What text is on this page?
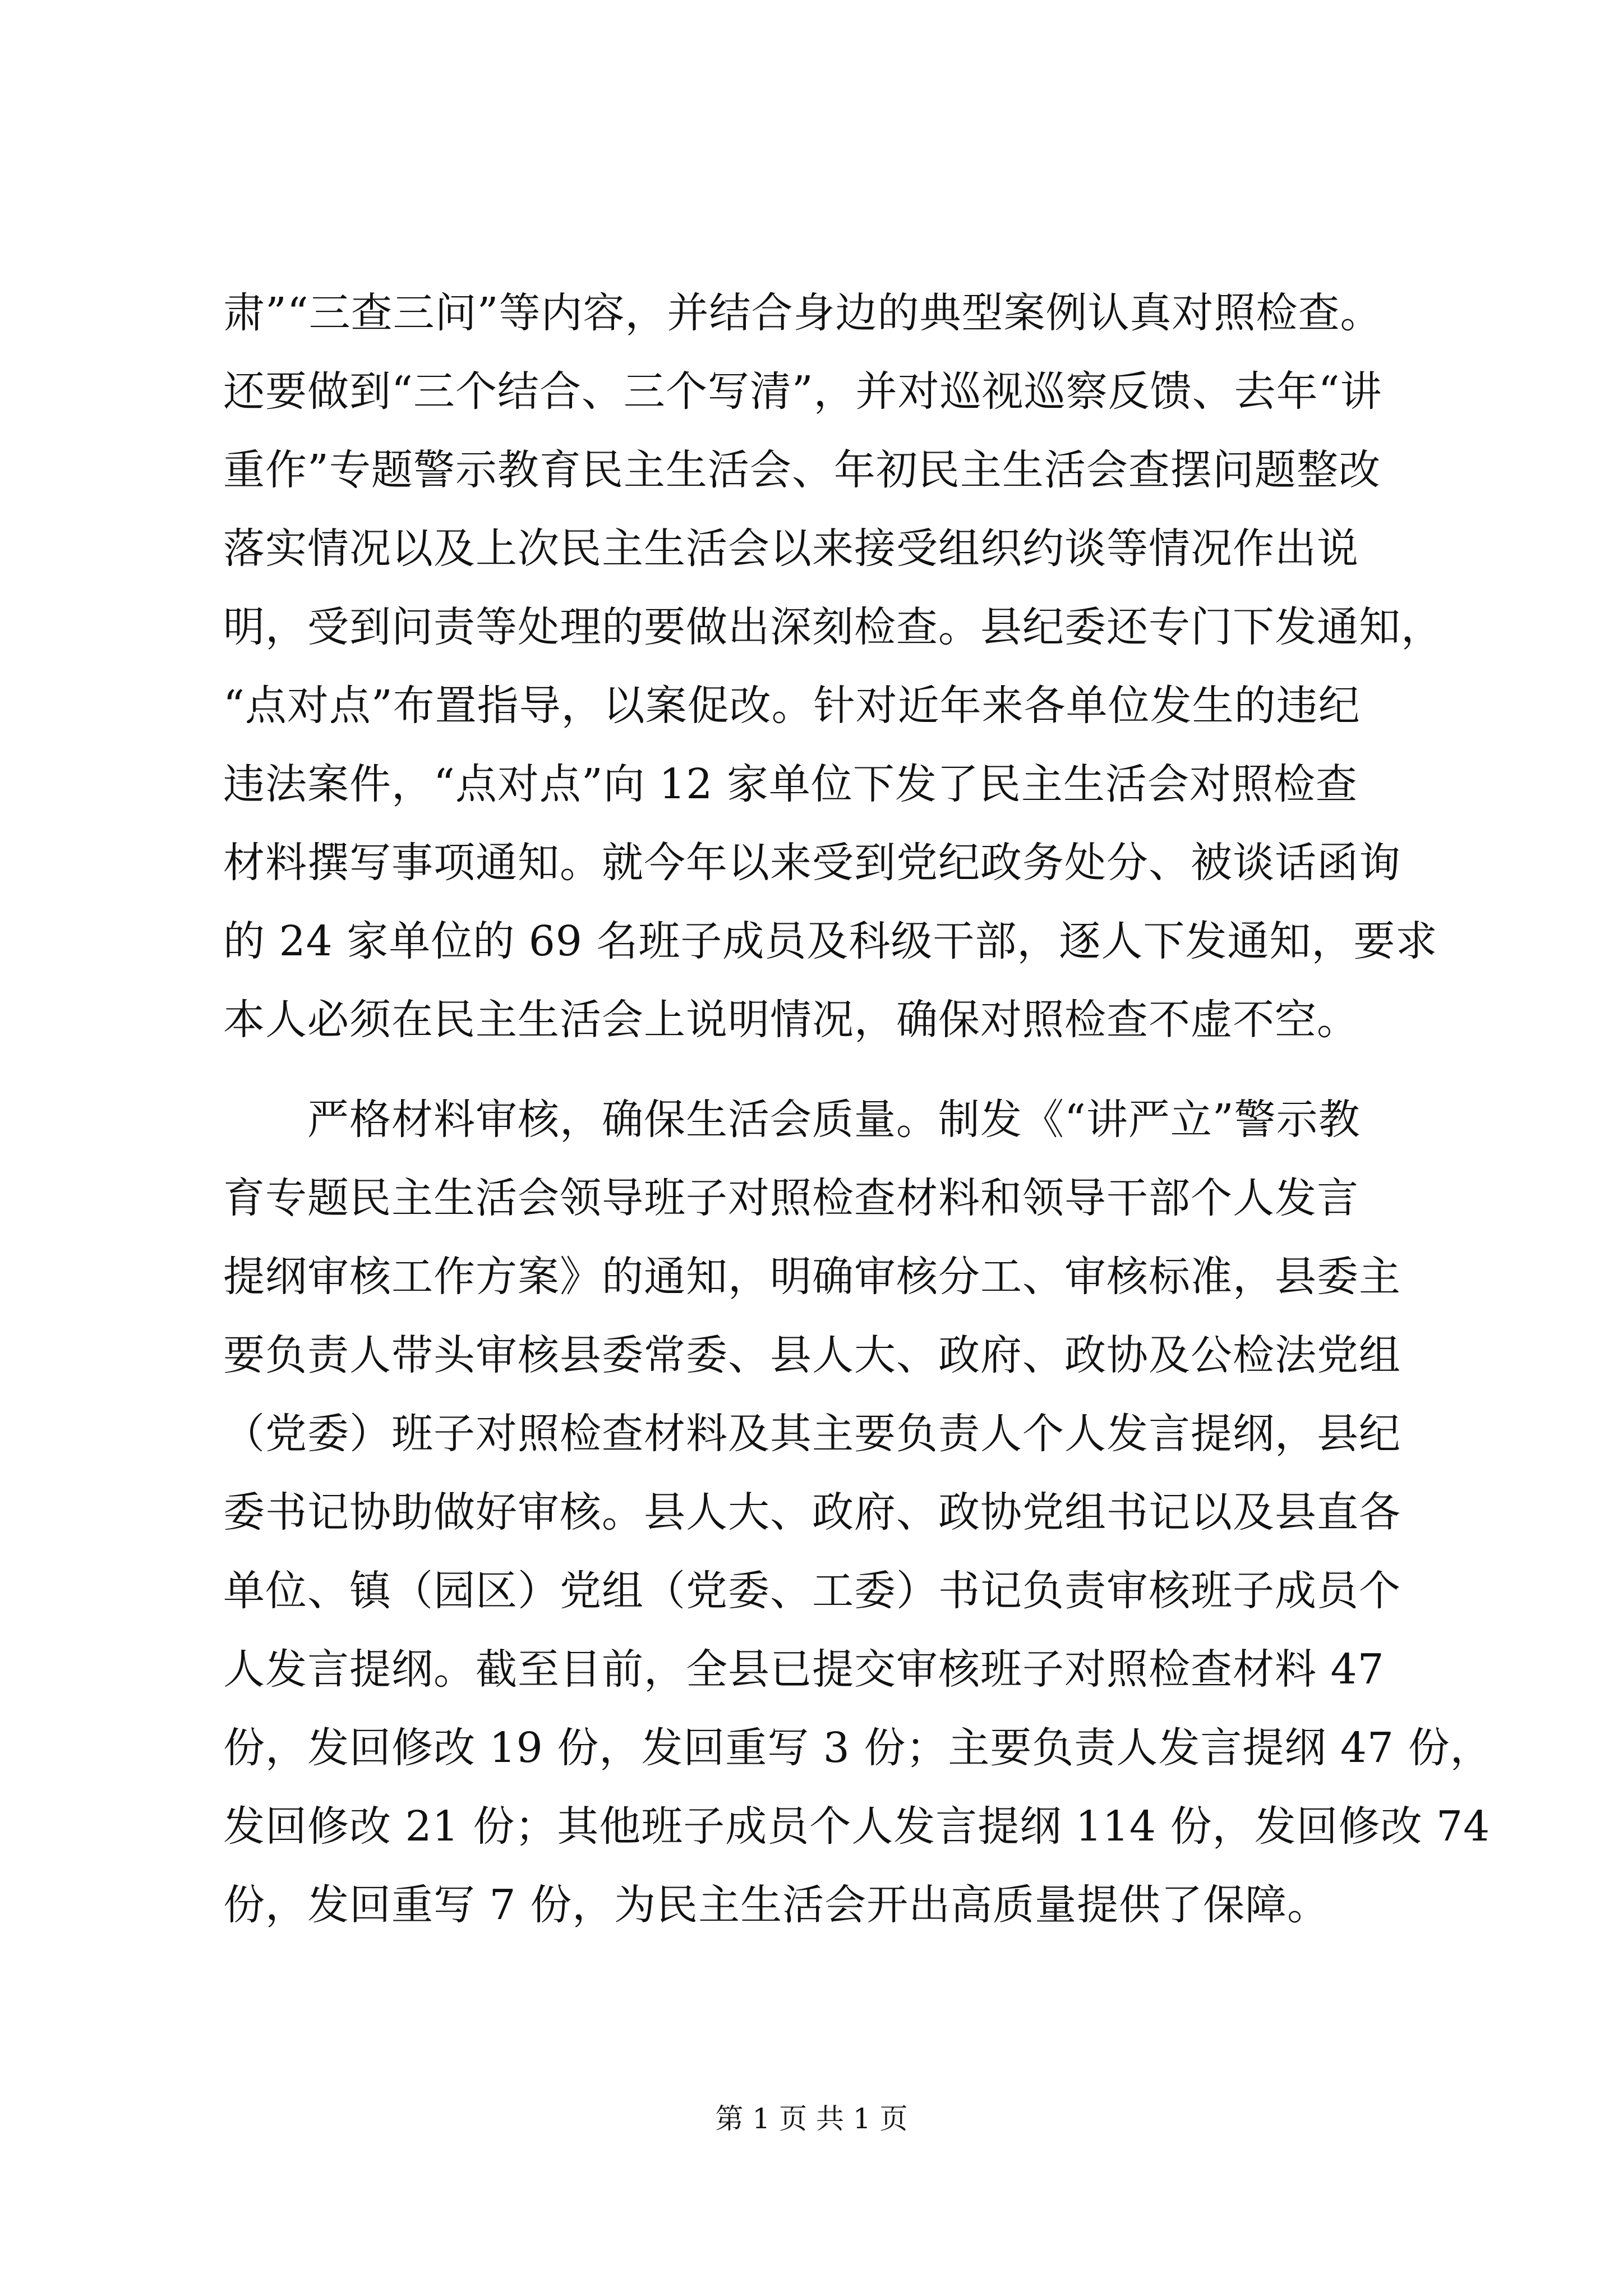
肃”“三查三问”等内容，并结合身边的典型案例认真对照检查。
还要做到“三个结合、三个写清”，并对巡视巡察反馈、去年“讲
重作”专题警示教育民主生活会、年初民主生活会查摆问题整改
落实情况以及上次民主生活会以来接受组织约谈等情况作出说
明，受到问责等处理的要做出深刻检查。县纪委还专门下发通知，
“点对点”布置指导，以案促改。针对近年来各单位发生的违纪
违法案件，“点对点”向 12 家单位下发了民主生活会对照检查
材料撰写事项通知。就今年以来受到党纪政务处分、被谈话函询
的 24 家单位的 69 名班子成员及科级干部，逐人下发通知，要求
本人必须在民主生活会上说明情况，确保对照检查不虚不空。
　　严格材料审核，确保生活会质量。制发《“讲严立”警示教
育专题民主生活会领导班子对照检查材料和领导干部个人发言
提纲审核工作方案》的通知，明确审核分工、审核标准，县委主
要负责人带头审核县委常委、县人大、政府、政协及公检法党组
（党委）班子对照检查材料及其主要负责人个人发言提纲，县纪
委书记协助做好审核。县人大、政府、政协党组书记以及县直各
单位、镇（园区）党组（党委、工委）书记负责审核班子成员个
人发言提纲。截至目前，全县已提交审核班子对照检查材料 47
份，发回修改 19 份，发回重写 3 份；主要负责人发言提纲 47 份，
发回修改 21 份；其他班子成员个人发言提纲 114 份，发回修改 74
份，发回重写 7 份，为民主生活会开出高质量提供了保障。
第 1 页 共 1 页
